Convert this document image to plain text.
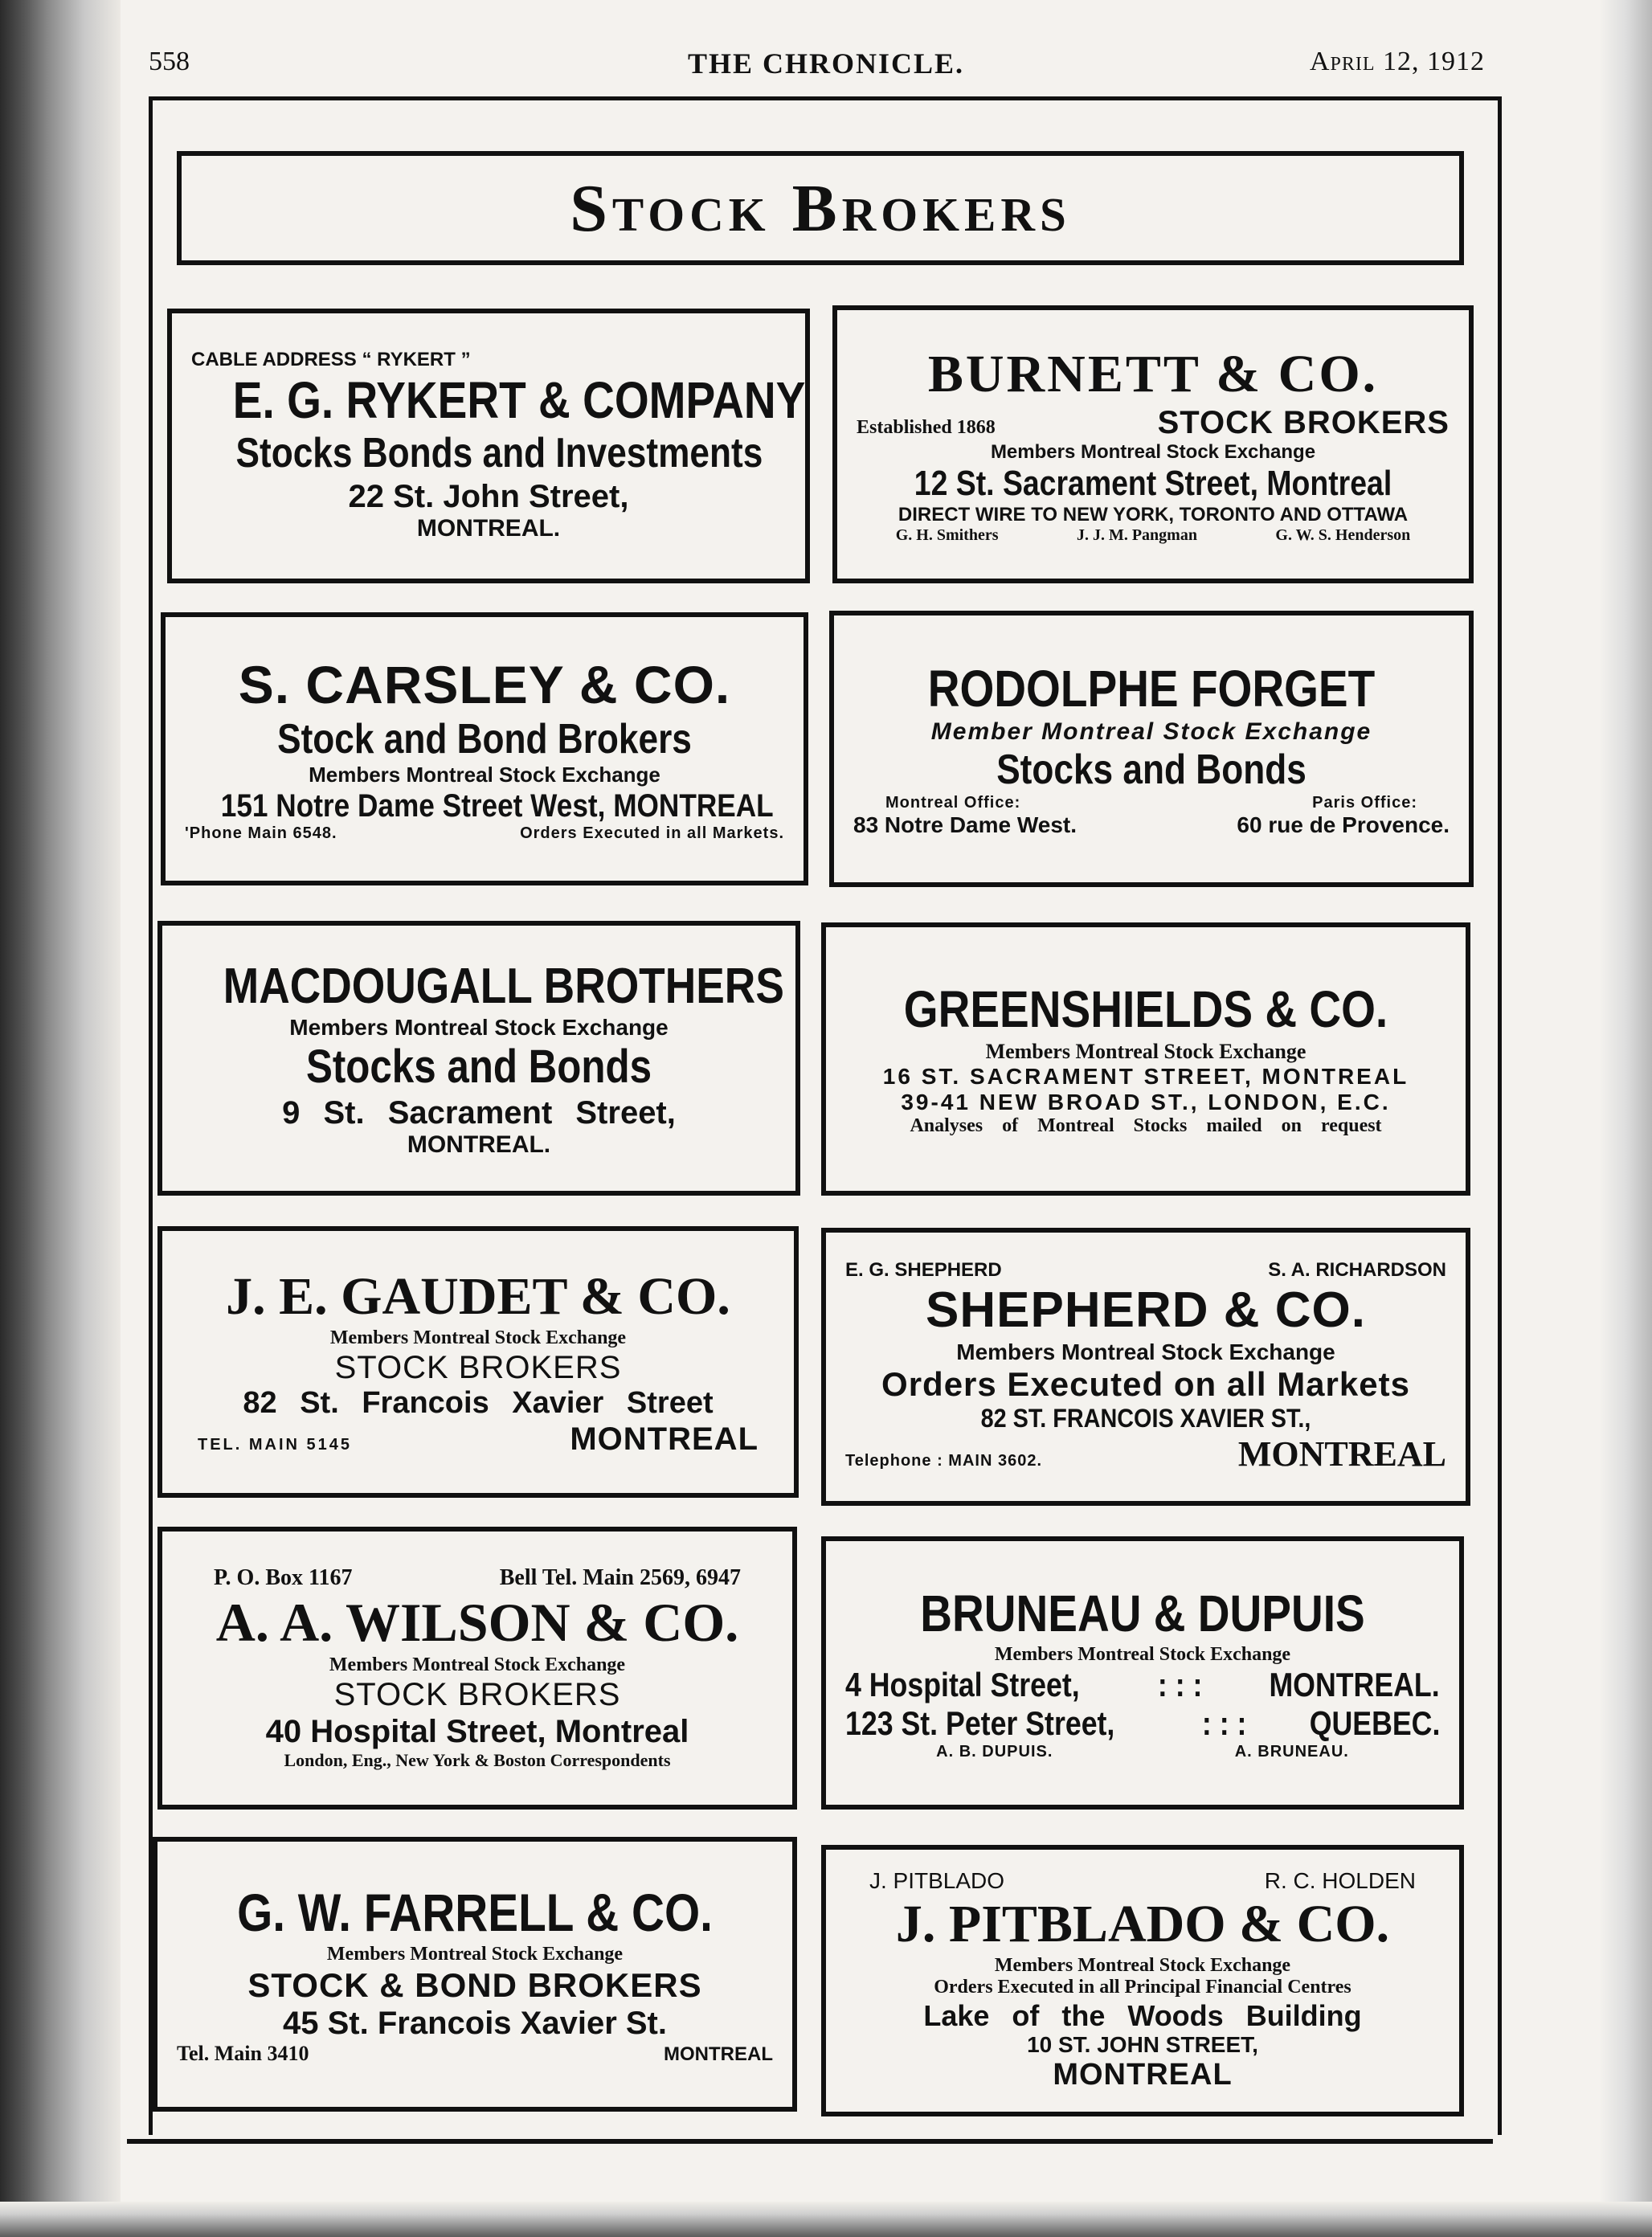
558	THE CHRONICLE.	April 12, 1912
Stock Brokers
CABLE ADDRESS “ RYKERT ”
E. G. RYKERT & COMPANY
Stocks Bonds and Investments
22 St. John Street,
MONTREAL.
BURNETT & CO.
Established 1868	STOCK BROKERS
Members Montreal Stock Exchange
12 St. Sacrament Street, Montreal
DIRECT WIRE TO NEW YORK, TORONTO AND OTTAWA
G. H. Smithers	J. J. M. Pangman	G. W. S. Henderson
S. CARSLEY & CO.
Stock and Bond Brokers
Members Montreal Stock Exchange
151 Notre Dame Street West, MONTREAL
'Phone Main 6548.	Orders Executed in all Markets.
RODOLPHE FORGET
Member Montreal Stock Exchange
Stocks and Bonds
Montreal Office:	Paris Office:
83 Notre Dame West.	60 rue de Provence.
MACDOUGALL BROTHERS
Members Montreal Stock Exchange
Stocks and Bonds
9 St. Sacrament Street,
MONTREAL.
GREENSHIELDS & CO.
Members Montreal Stock Exchange
16 ST. SACRAMENT STREET, MONTREAL
39-41 NEW BROAD ST., LONDON, E.C.
Analyses of Montreal Stocks mailed on request
J. E. GAUDET & CO.
Members Montreal Stock Exchange
STOCK BROKERS
82 St. Francois Xavier Street
TEL. MAIN 5145	MONTREAL
E. G. SHEPHERD	S. A. RICHARDSON
SHEPHERD & CO.
Members Montreal Stock Exchange
Orders Executed on all Markets
82 ST. FRANCOIS XAVIER ST.,
Telephone : MAIN 3602.	MONTREAL
P. O. Box 1167	Bell Tel. Main 2569, 6947
A. A. WILSON & CO.
Members Montreal Stock Exchange
STOCK BROKERS
40 Hospital Street, Montreal
London, Eng., New York & Boston Correspondents
BRUNEAU & DUPUIS
Members Montreal Stock Exchange
4 Hospital Street, : : : MONTREAL.
123 St. Peter Street,	: : : QUEBEC.
A. B. DUPUIS.	A. BRUNEAU.
G. W. FARRELL & CO.
Members Montreal Stock Exchange
STOCK & BOND BROKERS
45 St. Francois Xavier St.
Tel. Main 3410	MONTREAL
J. PITBLADO	R. C. HOLDEN
J. PITBLADO & CO.
Members Montreal Stock Exchange
Orders Executed in all Principal Financial Centres
Lake of the Woods Building
10 ST. JOHN STREET,
MONTREAL
